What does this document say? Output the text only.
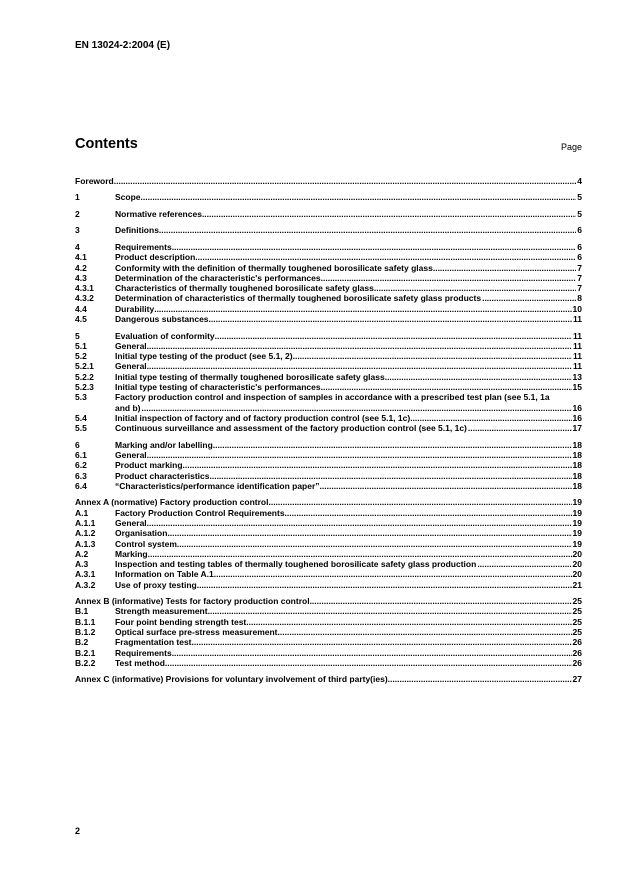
EN 13024-2:2004 (E)
Contents	Page
Foreword .....	4
1	Scope .....	5
2	Normative references .....	5
3	Definitions .....	6
4	Requirements .....	6
4.1	Product description .....	6
4.2	Conformity with the definition of thermally toughened borosilicate safety glass .....	7
4.3	Determination of the characteristic's performances .....	7
4.3.1	Characteristics of thermally toughened borosilicate safety glass .....	7
4.3.2	Determination of characteristics of thermally toughened borosilicate safety glass products .....	8
4.4	Durability .....	10
4.5	Dangerous substances .....	11
5	Evaluation of conformity .....	11
5.1	General .....	11
5.2	Initial type testing of the product (see 5.1, 2) .....	11
5.2.1	General .....	11
5.2.2	Initial type testing of thermally toughened borosilicate safety glass .....	13
5.2.3	Initial type testing of characteristic's performances .....	15
5.3	Factory production control and inspection of samples in accordance with a prescribed test plan (see 5.1, 1a and b) .....	16
5.4	Initial inspection of factory and of factory production control (see 5.1, 1c) .....	16
5.5	Continuous surveillance and assessment of the factory production control (see 5.1, 1c) .....	17
6	Marking and/or labelling .....	18
6.1	General .....	18
6.2	Product marking .....	18
6.3	Product characteristics .....	18
6.4	“Characteristics/performance identification paper” .....	18
Annex A (normative) Factory production control .....	19
A.1	Factory Production Control Requirements .....	19
A.1.1	General .....	19
A.1.2	Organisation .....	19
A.1.3	Control system .....	19
A.2	Marking .....	20
A.3	Inspection and testing tables of thermally toughened borosilicate safety glass production .....	20
A.3.1	Information on Table A.1 .....	20
A.3.2	Use of proxy testing .....	21
Annex B (informative) Tests for factory production control .....	25
B.1	Strength measurement .....	25
B.1.1	Four point bending strength test .....	25
B.1.2	Optical surface pre-stress measurement .....	25
B.2	Fragmentation test .....	26
B.2.1	Requirements .....	26
B.2.2	Test method .....	26
Annex C (informative) Provisions for voluntary involvement of third party(ies) .....	27
2
